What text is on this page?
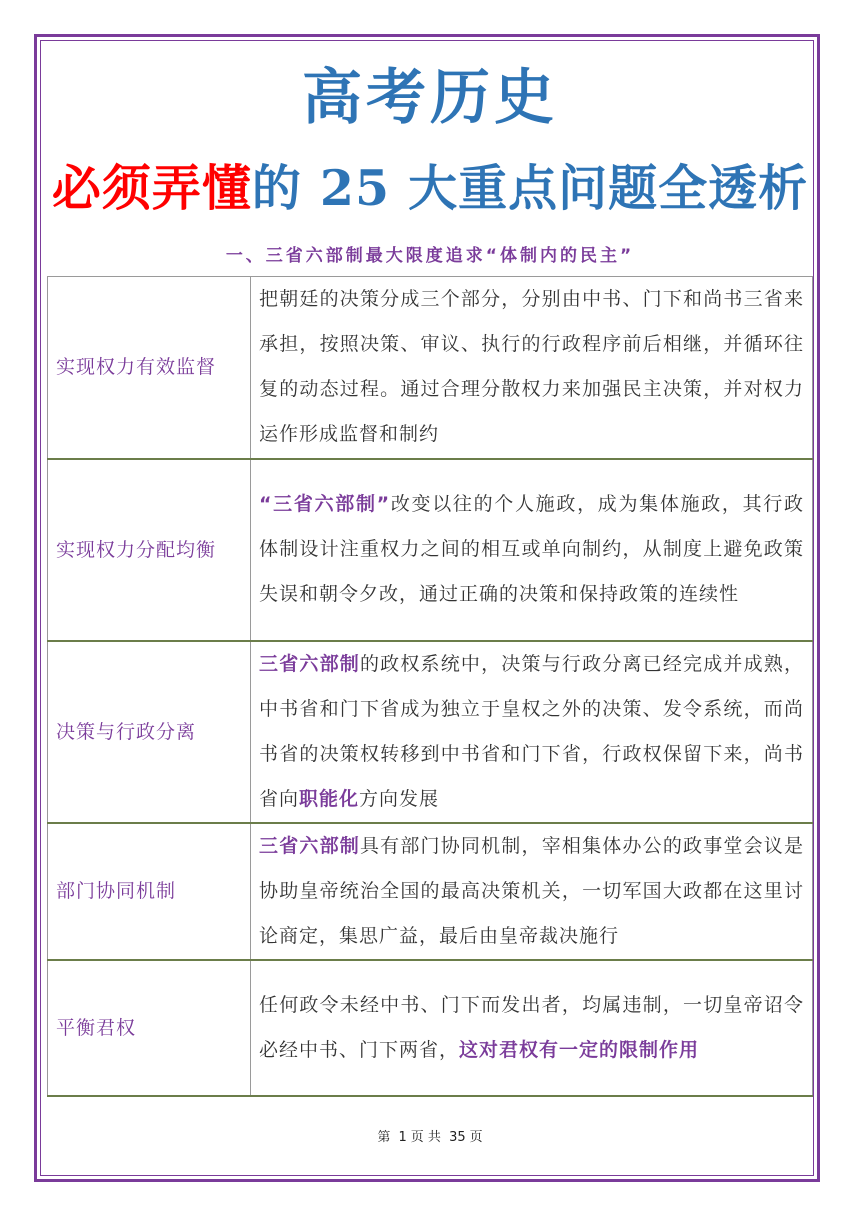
高考历史
必须弄懂的 25 大重点问题全透析
一、三省六部制最大限度追求“体制内的民主”
实现权力有效监督	把朝廷的决策分成三个部分，分别由中书、门下和尚书三省来承担，按照决策、审议、执行的行政程序前后相继，并循环往复的动态过程。通过合理分散权力来加强民主决策，并对权力运作形成监督和制约
实现权力分配均衡	“三省六部制”改变以往的个人施政，成为集体施政，其行政体制设计注重权力之间的相互或单向制约，从制度上避免政策失误和朝令夕改，通过正确的决策和保持政策的连续性
决策与行政分离	三省六部制的政权系统中，决策与行政分离已经完成并成熟，中书省和门下省成为独立于皇权之外的决策、发令系统，而尚书省的决策权转移到中书省和门下省，行政权保留下来，尚书省向职能化方向发展
部门协同机制	三省六部制具有部门协同机制，宰相集体办公的政事堂会议是协助皇帝统治全国的最高决策机关，一切军国大政都在这里讨论商定，集思广益，最后由皇帝裁决施行
平衡君权	任何政令未经中书、门下而发出者，均属违制，一切皇帝诏令必经中书、门下两省，这对君权有一定的限制作用
第 1 页 共 35 页
